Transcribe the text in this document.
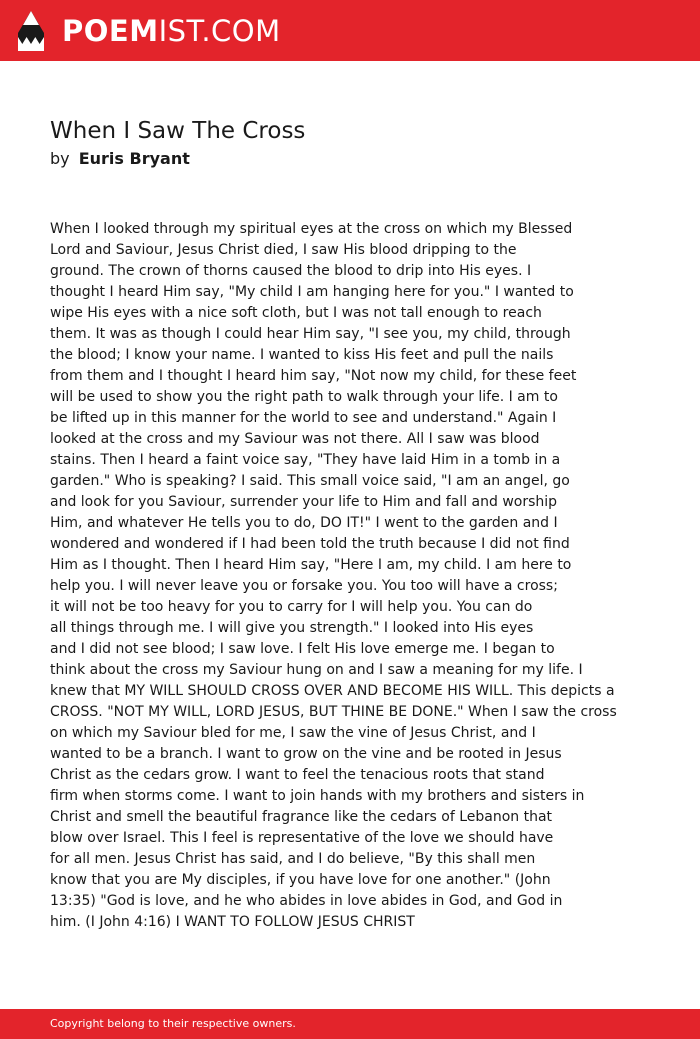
POEMIST.COM
When I Saw The Cross
by Euris Bryant
When I looked through my spiritual eyes at the cross on which my Blessed
Lord and Saviour, Jesus Christ died, I saw His blood dripping to the
ground. The crown of thorns caused the blood to drip into His eyes. I
thought I heard Him say, "My child I am hanging here for you." I wanted to
wipe His eyes with a nice soft cloth, but I was not tall enough to reach
them. It was as though I could hear Him say, "I see you, my child, through
the blood; I know your name. I wanted to kiss His feet and pull the nails
from them and I thought I heard him say, "Not now my child, for these feet
will be used to show you the right path to walk through your life. I am to
be lifted up in this manner for the world to see and understand." Again I
looked at the cross and my Saviour was not there. All I saw was blood
stains. Then I heard a faint voice say, "They have laid Him in a tomb in a
garden." Who is speaking? I said. This small voice said, "I am an angel, go
and look for you Saviour, surrender your life to Him and fall and worship
Him, and whatever He tells you to do, DO IT!" I went to the garden and I
wondered and wondered if I had been told the truth because I did not find
Him as I thought. Then I heard Him say, "Here I am, my child. I am here to
help you. I will never leave you or forsake you. You too will have a cross;
it will not be too heavy for you to carry for I will help you. You can do
all things through me. I will give you strength." I looked into His eyes
and I did not see blood; I saw love. I felt His love emerge me. I began to
think about the cross my Saviour hung on and I saw a meaning for my life. I
knew that MY WILL SHOULD CROSS OVER AND BECOME HIS WILL. This depicts a
CROSS. "NOT MY WILL, LORD JESUS, BUT THINE BE DONE." When I saw the cross
on which my Saviour bled for me, I saw the vine of Jesus Christ, and I
wanted to be a branch. I want to grow on the vine and be rooted in Jesus
Christ as the cedars grow. I want to feel the tenacious roots that stand
firm when storms come. I want to join hands with my brothers and sisters in
Christ and smell the beautiful fragrance like the cedars of Lebanon that
blow over Israel. This I feel is representative of the love we should have
for all men. Jesus Christ has said, and I do believe, "By this shall men
know that you are My disciples, if you have love for one another." (John
13:35) "God is love, and he who abides in love abides in God, and God in
him. (I John 4:16) I WANT TO FOLLOW JESUS CHRIST
Copyright belong to their respective owners.
